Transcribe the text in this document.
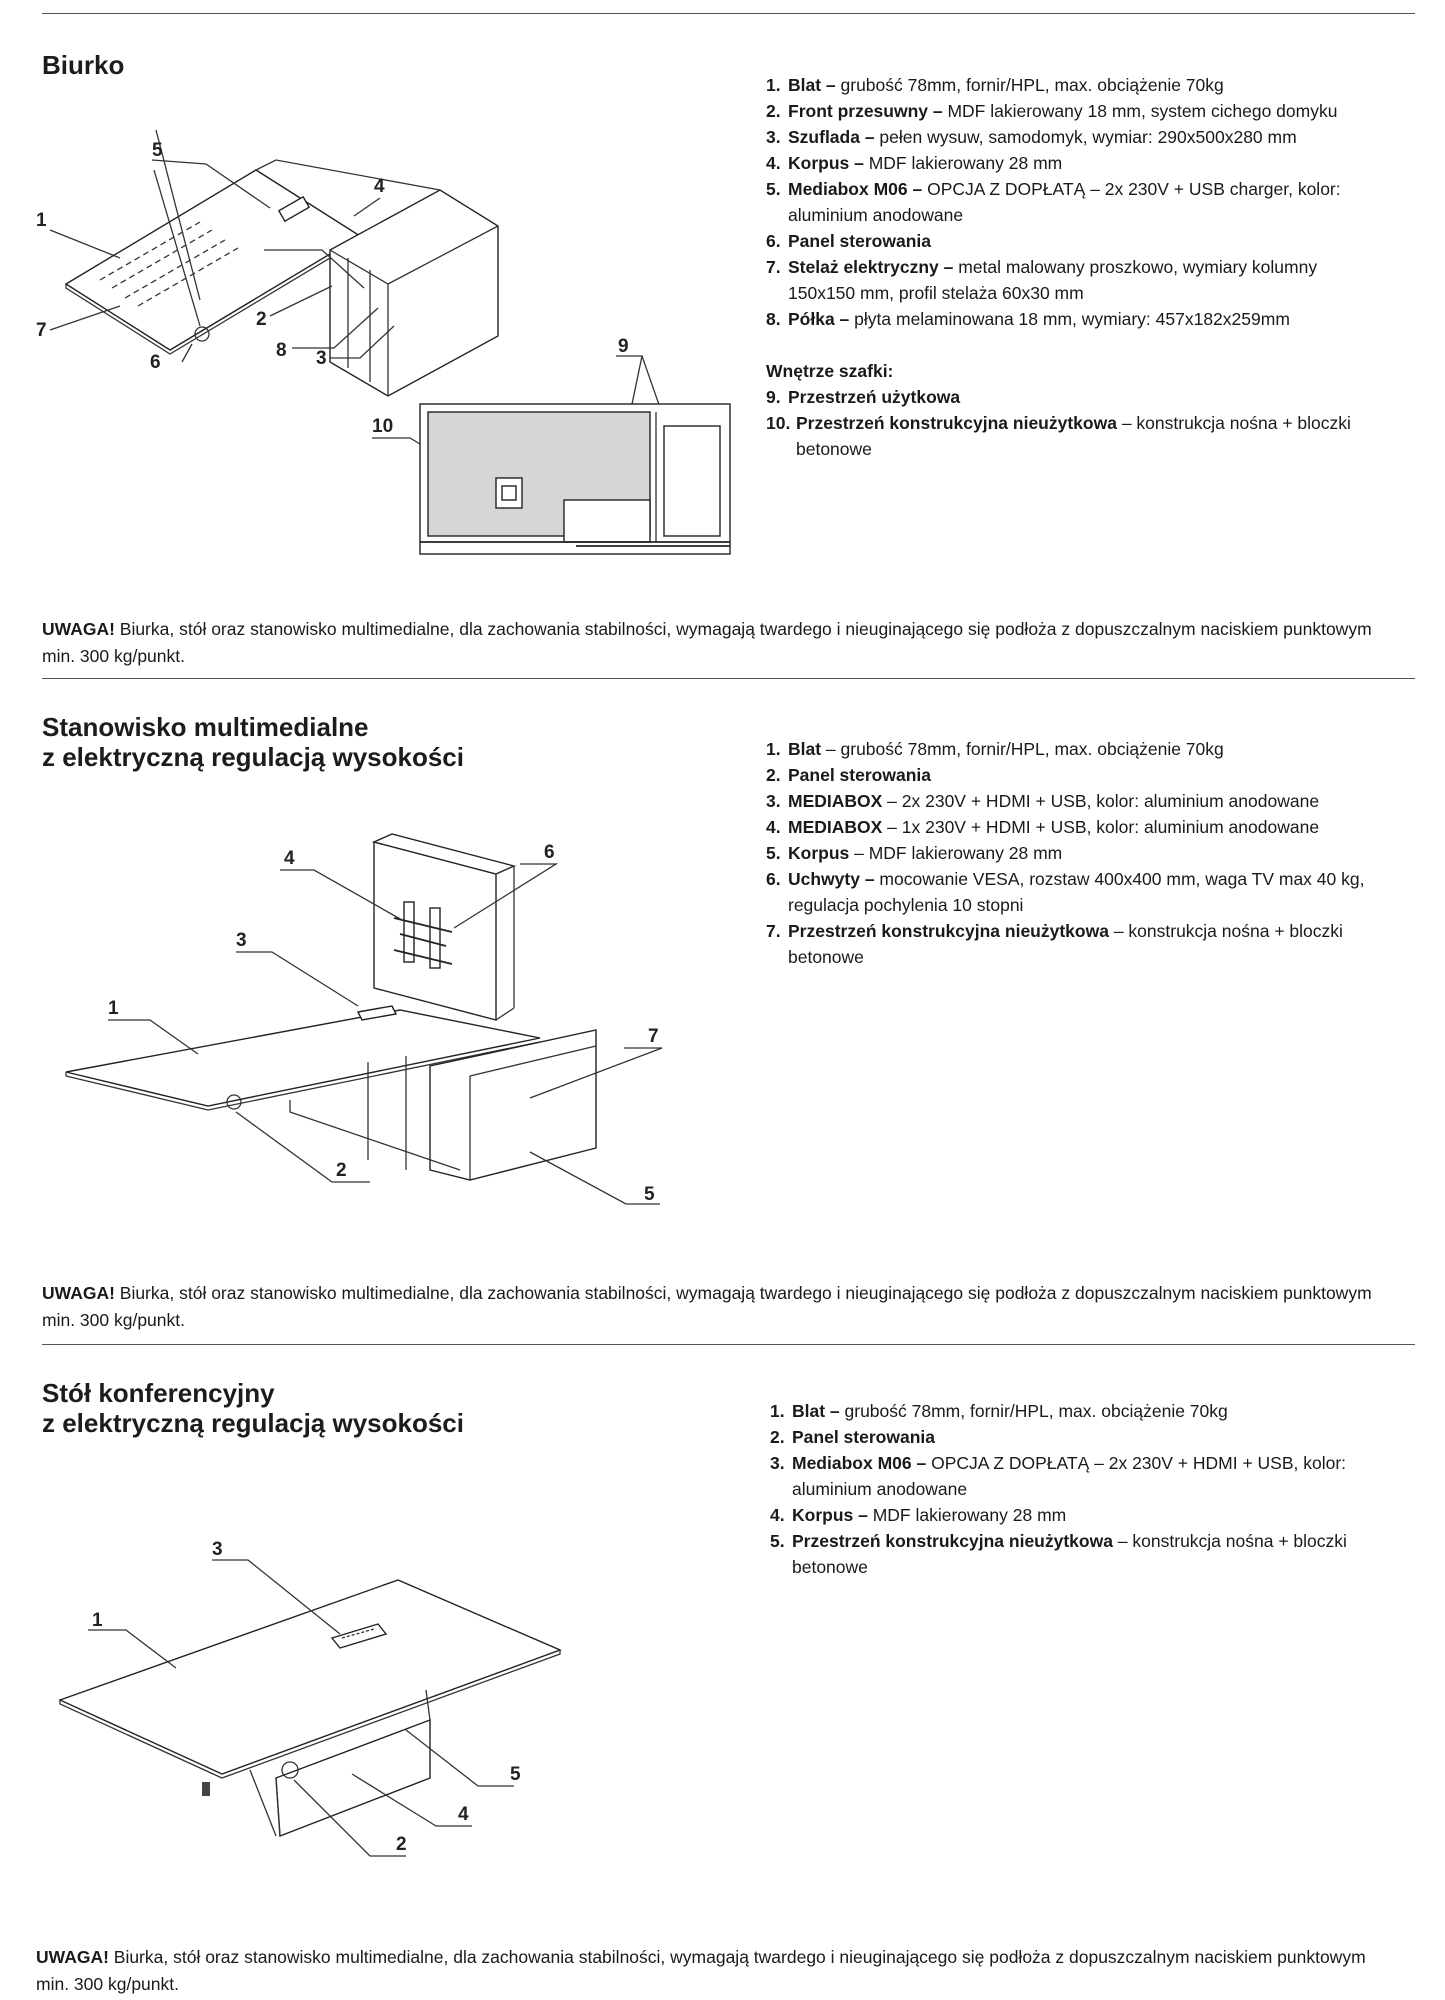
Biurko
1
7
5
6
4
2
8 3
9
10
1. Blat – grubość 78mm, fornir/HPL, max. obciążenie 70kg
2. Front przesuwny – MDF lakierowany 18 mm, system cichego domyku
3. Szuflada – pełen wysuw, samodomyk, wymiar: 290x500x280 mm
4. Korpus – MDF lakierowany 28 mm
5. Mediabox M06 – OPCJA Z DOPŁATĄ – 2x 230V + USB charger, kolor: aluminium anodowane
6. Panel sterowania
7. Stelaż elektryczny – metal malowany proszkowo, wymiary kolumny 150x150 mm, profil stelaża 60x30 mm
8. Półka – płyta melaminowana 18 mm, wymiary: 457x182x259mm
Wnętrze szafki:
9. Przestrzeń użytkowa
10. Przestrzeń konstrukcyjna nieużytkowa – konstrukcja nośna + bloczki betonowe

UWAGA! Biurka, stół oraz stanowisko multimedialne, dla zachowania stabilności, wymagają twardego i nieuginającego się podłoża z dopuszczalnym naciskiem punktowym min. 300 kg/punkt.

Stanowisko multimedialne
z elektryczną regulacją wysokości
1
3
4	6
7
2
5
1. Blat – grubość 78mm, fornir/HPL, max. obciążenie 70kg
2. Panel sterowania
3. MEDIABOX – 2x 230V + HDMI + USB, kolor: aluminium anodowane
4. MEDIABOX – 1x 230V + HDMI + USB, kolor: aluminium anodowane
5. Korpus – MDF lakierowany 28 mm
6. Uchwyty – mocowanie VESA, rozstaw 400x400 mm, waga TV max 40 kg, regulacja pochylenia 10 stopni
7. Przestrzeń konstrukcyjna nieużytkowa – konstrukcja nośna + bloczki betonowe

UWAGA! Biurka, stół oraz stanowisko multimedialne, dla zachowania stabilności, wymagają twardego i nieuginającego się podłoża z dopuszczalnym naciskiem punktowym min. 300 kg/punkt.

Stół konferencyjny
z elektryczną regulacją wysokości
1
3
5
4
2
1. Blat – grubość 78mm, fornir/HPL, max. obciążenie 70kg
2. Panel sterowania
3. Mediabox M06 – OPCJA Z DOPŁATĄ – 2x 230V + HDMI + USB, kolor: aluminium anodowane
4. Korpus – MDF lakierowany 28 mm
5. Przestrzeń konstrukcyjna nieużytkowa – konstrukcja nośna + bloczki betonowe

UWAGA! Biurka, stół oraz stanowisko multimedialne, dla zachowania stabilności, wymagają twardego i nieuginającego się podłoża z dopuszczalnym naciskiem punktowym min. 300 kg/punkt.
